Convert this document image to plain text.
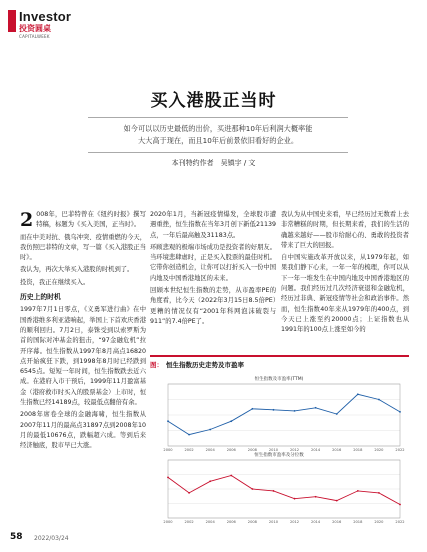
Investor
投资圆桌
CAPITALWEEK
买入港股正当时
如今可以以历史最低的出价，买进那种10年后利润大概率能
大大高于现在，而且10年后前景依旧看好的企业。
本刊特约作者　吴镇宇 / 文

2 008年，巴菲特曾在《纽约时报》撰写特稿，标题为《买入美国，正当时》。

而在中美对抗、俄乌冲突、疫情重燃的今天，我仿照巴菲特的文章，写一篇《买入港股正当时》。

我认为，再次大举买入港股的时机到了。

投资，我正在继续买入。

历史上的时机

1997年7月1日零点，《义勇军进行曲》在中国香港维多利亚港响起，举国上下首欢庆香港的顺利回归。7月2日，泰铢受到以索罗斯为首的国际对冲基金的狙击，“97金融危机”拉开序幕。恒生指数从1997年8月高点16820点开始疯狂下跌，到1998年8月时已经跌到6545点。短短一年时间，恒生指数跌去近六成。在港府入市干预后，1999年11月盈富基金（港府救市时买入的股票基金）上市时，恒生指数已经14189点，较最低点翻倍有余。

2008年席卷全球的金融海啸，恒生指数从2007年11月的最高点31897点到2008年10月的最低10676点，跌幅超六成。等到后来经济触底，股市早已大涨。

2020年1月，当新冠疫情爆发，全球股市遭遇重挫，恒生指数在当年3月创下新低21139点，一年后最高触及31183点。

环顾悲观的极端市场成功是投资者的好朋友。当环境悲肆虐时，正是买入股票的最佳时机。它带你创造机会，让你可以打折买入一份中国内地及中国香港地区的未来。

回顾本世纪恒生指数的走势，从市盈率PE的角度看，比今天（2022年3月15日8.5倍PE）更糟的情况仅有“2001年科网泡沫破裂与911”的7.4倍PE了。

我认为从中国史来看，早已经历过无数看上去非常糟糕的时期，但长期来看，我们的生活的确越来越好——股市给耐心的、勇敢的投资者带来了巨大的回报。

自中国实施改革开放以来，从1979年起，如果我们静下心来，一年一年的梳理，你可以从下一年一堆发生在中国内地及中国香港地区的问题。我们经历过几次经济衰退和金融危机，经历过非典、新冠疫情等社会和政治事件。然而，恒生指数40年来从1979年的400点，到今天已上涨至约20000点；上证指数也从1991年的100点上涨至如今的

图： 恒生指数历史走势及市盈率
恒生指数及市盈率(TTM)
恒生指数市盈率及分位数
2000	2002	2004	2006	2008	2010	2012	2014	2016	2018	2020	2022
2000	2002	2004	2006	2008	2010	2012	2014	2016	2018	2020	2022
58 2022/03/24
